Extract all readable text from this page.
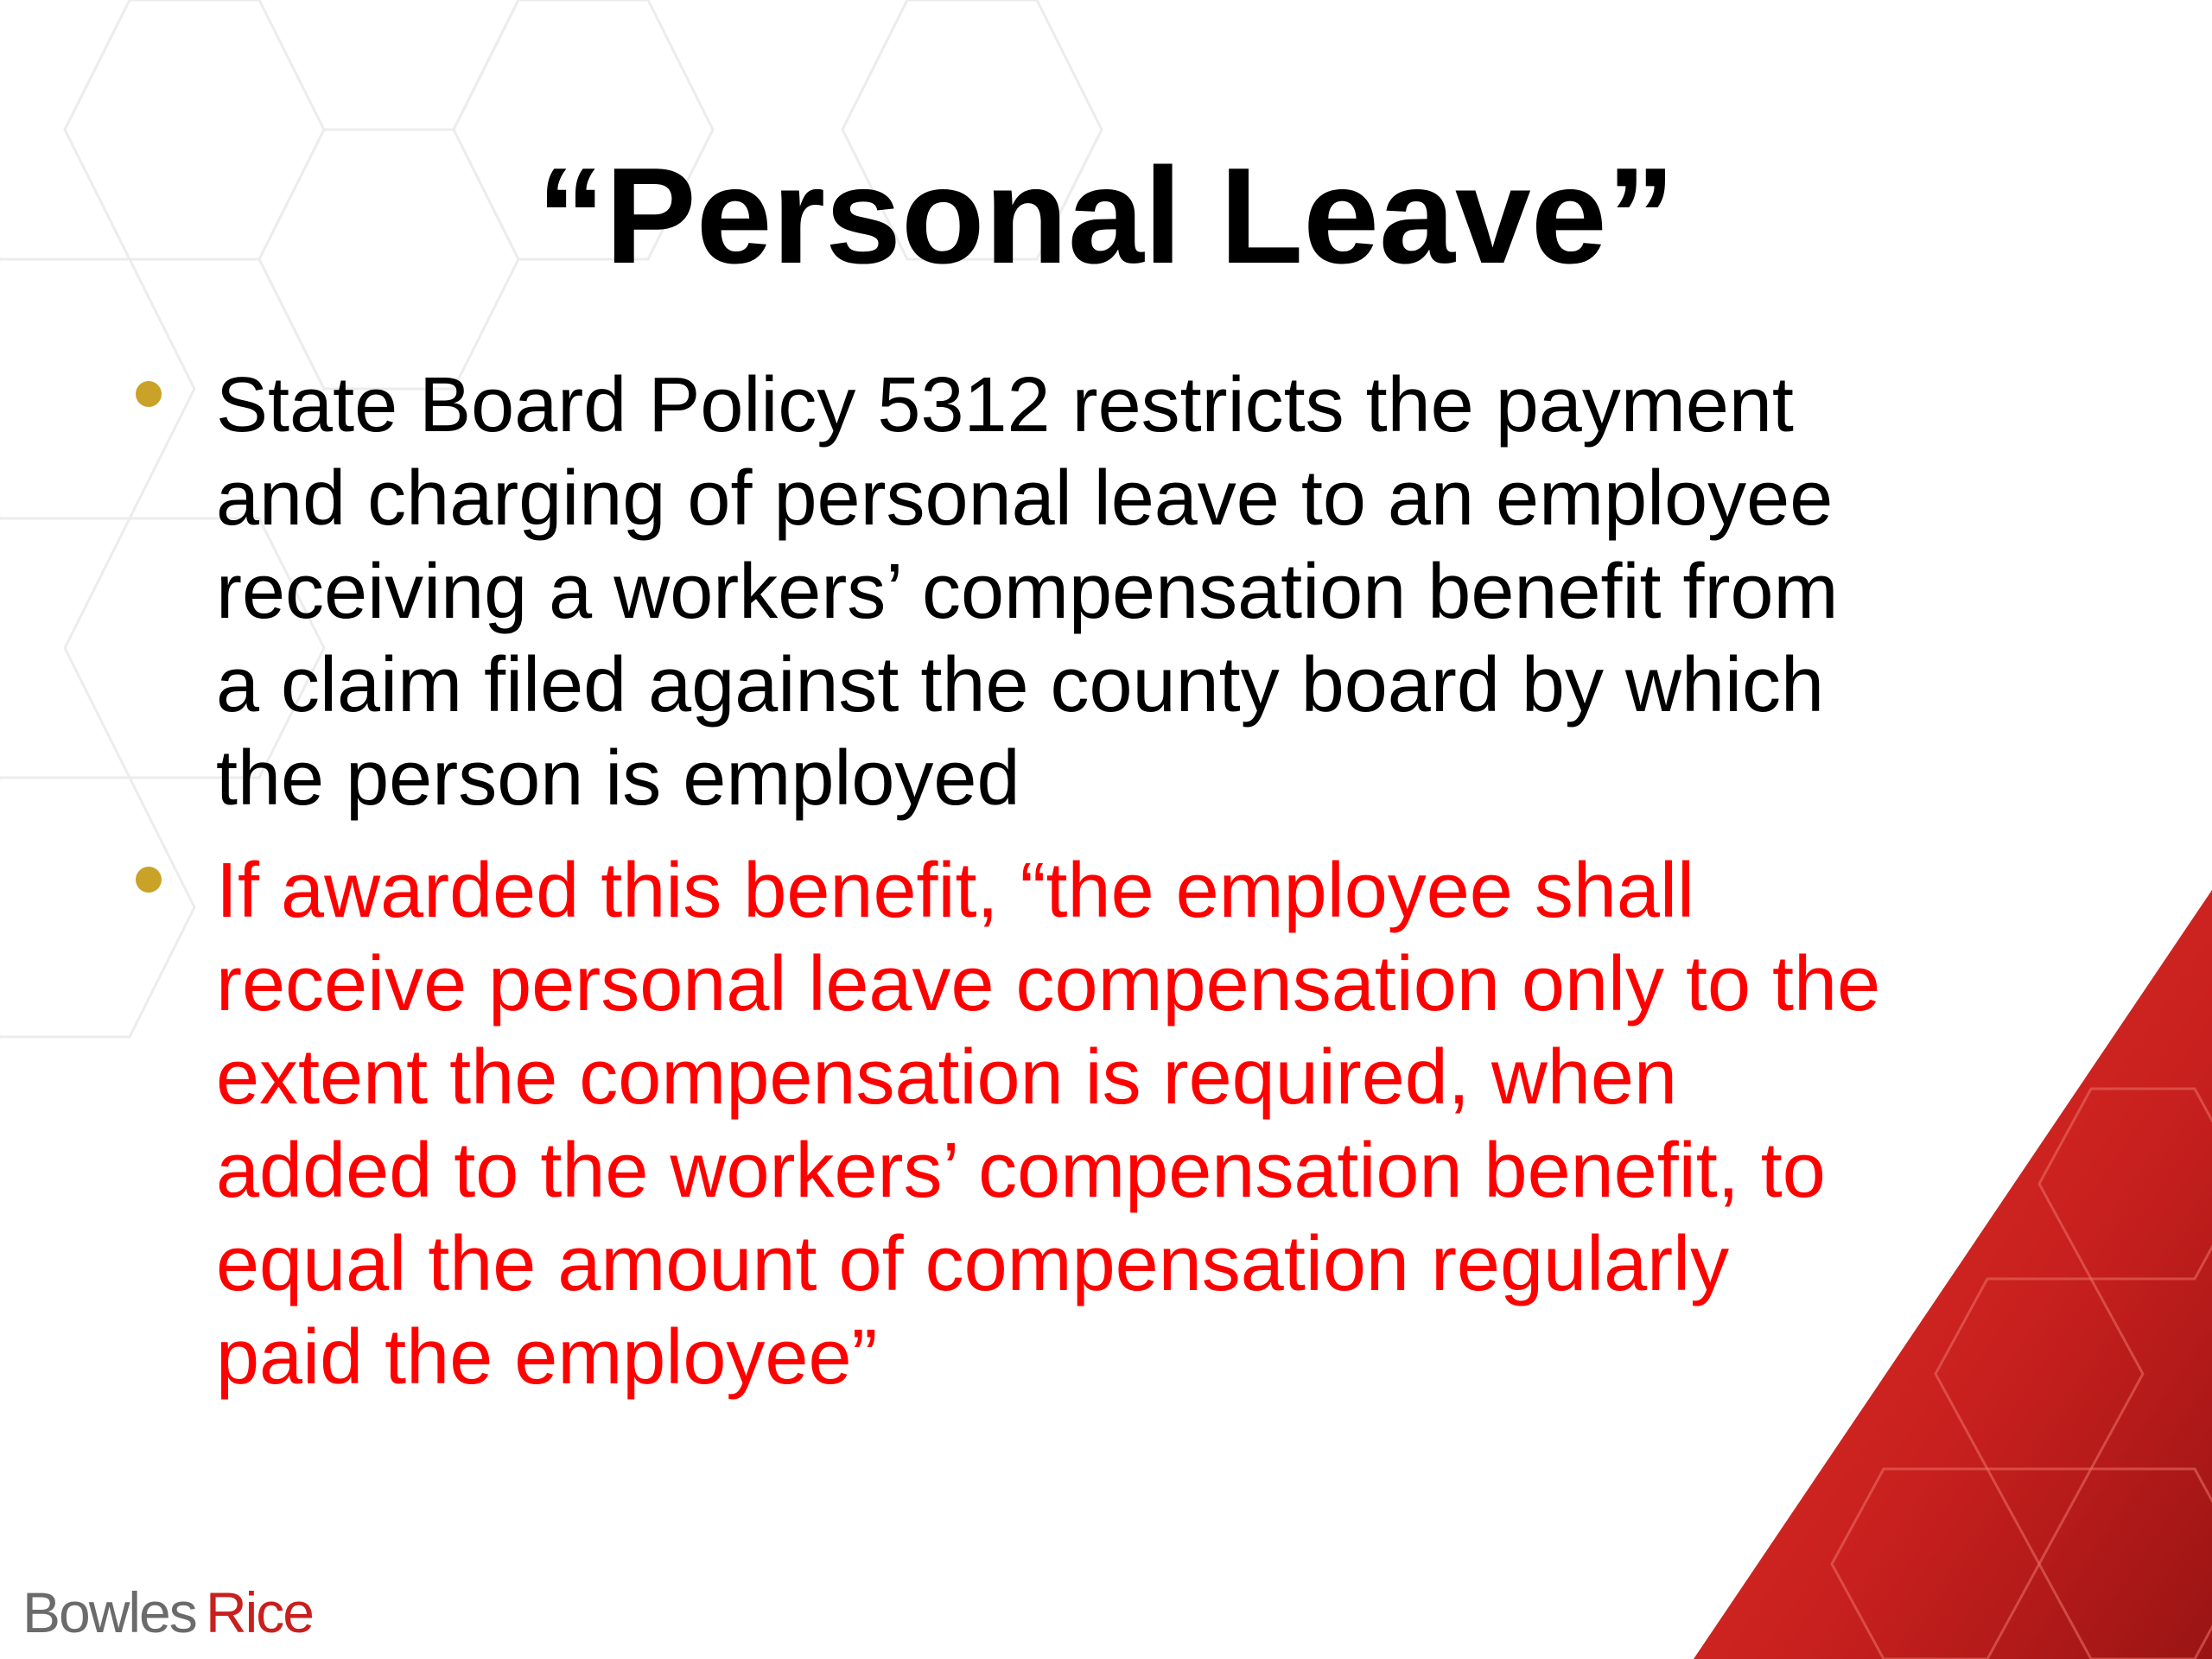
“Personal Leave”
State Board Policy 5312 restricts the payment
and charging of personal leave to an employee
receiving a workers’ compensation benefit from
a claim filed against the county board by which
the person is employed
If awarded this benefit, “the employee shall
receive personal leave compensation only to the
extent the compensation is required, when
added to the workers’ compensation benefit, to
equal the amount of compensation regularly
paid the employee”
Bowles  Rice
